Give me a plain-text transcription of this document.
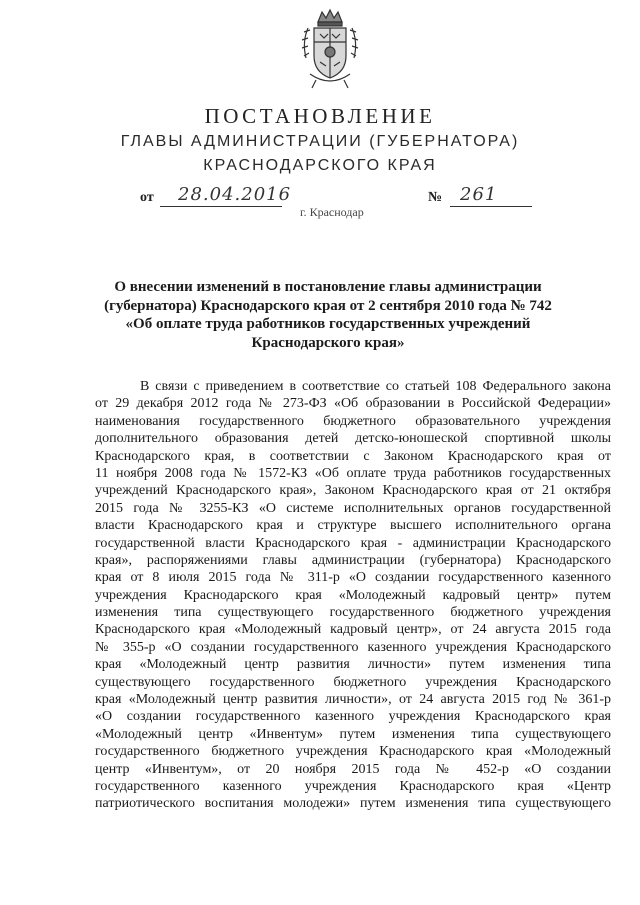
ПОСТАНОВЛЕНИЕ
ГЛАВЫ АДМИНИСТРАЦИИ (ГУБЕРНАТОРА)
КРАСНОДАРСКОГО КРАЯ
от 28.04.2016	№ 261
г. Краснодар
О внесении изменений в постановление главы администрации
(губернатора) Краснодарского края от 2 сентября 2010 года № 742
«Об оплате труда работников государственных учреждений
Краснодарского края»
В связи с приведением в соответствие со статьей 108 Федерального закона
от 29 декабря 2012 года № 273-ФЗ «Об образовании в Российской Федерации»
наименования государственного бюджетного образовательного учреждения
дополнительного образования детей детско-юношеской спортивной школы
Краснодарского края, в соответствии с Законом Краснодарского края от
11 ноября 2008 года № 1572-КЗ «Об оплате труда работников государственных
учреждений Краснодарского края», Законом Краснодарского края от 21 октября
2015 года № 3255-КЗ «О системе исполнительных органов государственной
власти Краснодарского края и структуре высшего исполнительного органа
государственной власти Краснодарского края - администрации Краснодарского
края», распоряжениями главы администрации (губернатора) Краснодарского
края от 8 июля 2015 года № 311-р «О создании государственного казенного
учреждения Краснодарского края «Молодежный кадровый центр» путем
изменения типа существующего государственного бюджетного учреждения
Краснодарского края «Молодежный кадровый центр», от 24 августа 2015 года
№ 355-р «О создании государственного казенного учреждения Краснодарского
края «Молодежный центр развития личности» путем изменения типа
существующего государственного бюджетного учреждения Краснодарского
края «Молодежный центр развития личности», от 24 августа 2015 год № 361-р
«О создании государственного казенного учреждения Краснодарского края
«Молодежный центр «Инвентум» путем изменения типа существующего
государственного бюджетного учреждения Краснодарского края «Молодежный
центр «Инвентум», от 20 ноября 2015 года № 452-р «О создании
государственного казенного учреждения Краснодарского края «Центр
патриотического воспитания молодежи» путем изменения типа существующего
